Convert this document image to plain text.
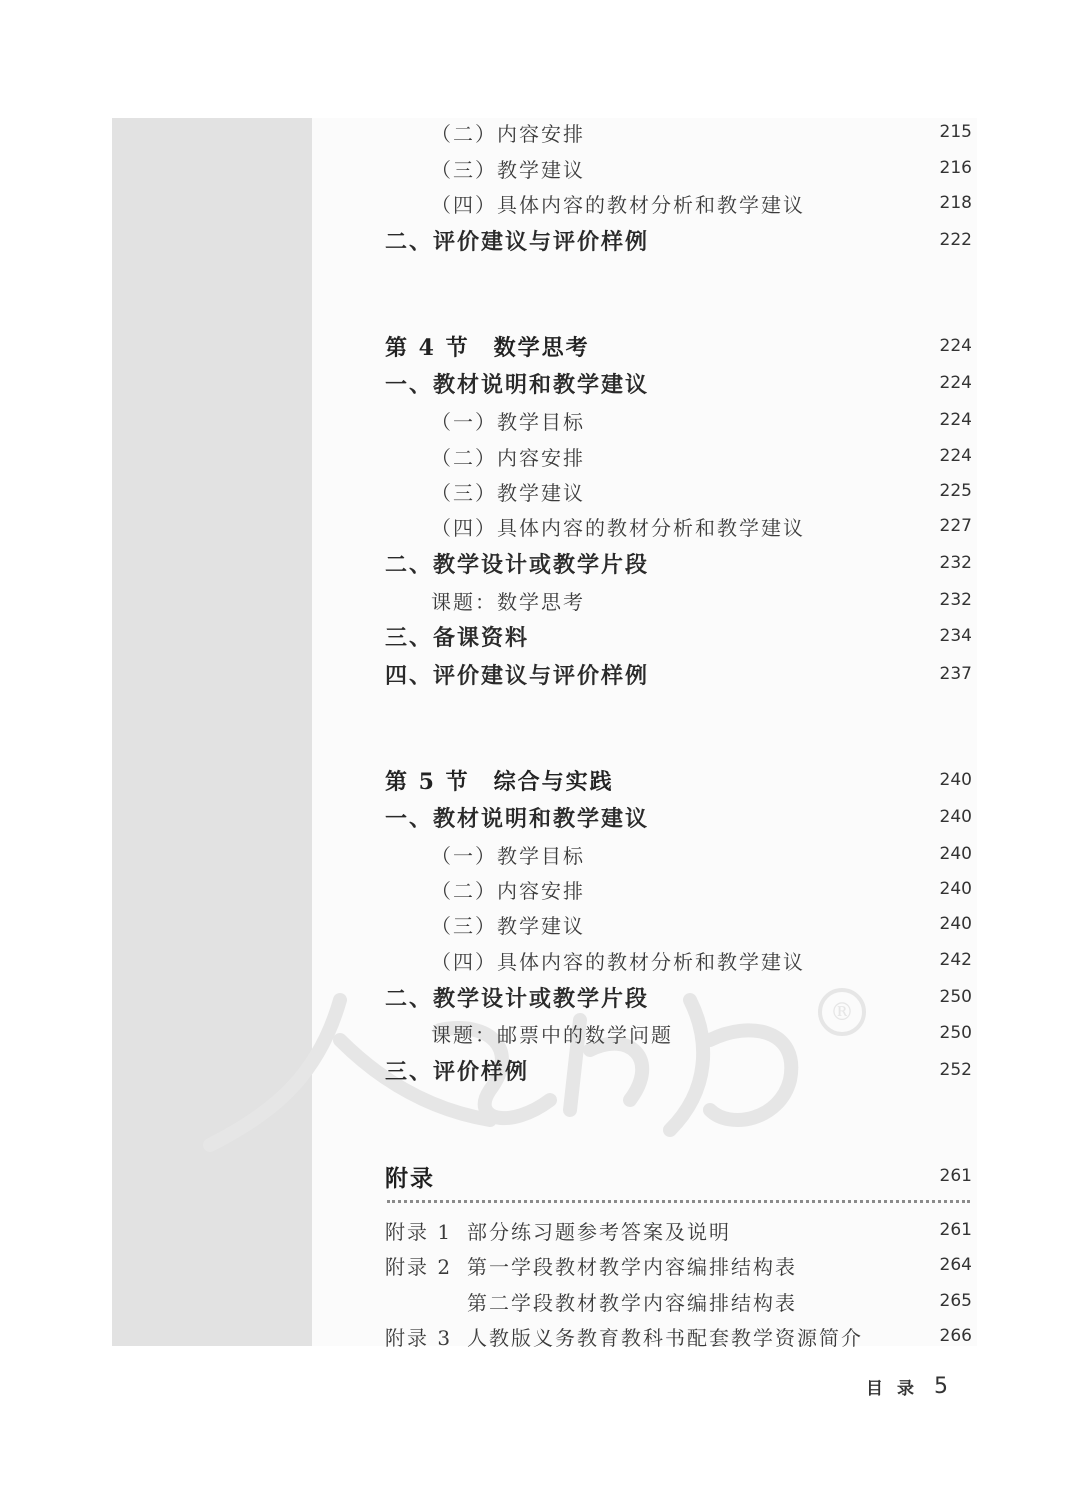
®
（二）内容安排	215
（三）教学建议	216
（四）具体内容的教材分析和教学建议	218
二、评价建议与评价样例	222
第 4 节　数学思考	224
一、教材说明和教学建议	224
（一）教学目标	224
（二）内容安排	224
（三）教学建议	225
（四）具体内容的教材分析和教学建议	227
二、教学设计或教学片段	232
课题：数学思考	232
三、备课资料	234
四、评价建议与评价样例	237
第 5 节　综合与实践	240
一、教材说明和教学建议	240
（一）教学目标	240
（二）内容安排	240
（三）教学建议	240
（四）具体内容的教材分析和教学建议	242
二、教学设计或教学片段	250
课题：邮票中的数学问题	250
三、评价样例	252
附录	261
附录 1 部分练习题参考答案及说明	261
附录 2 第一学段教材教学内容编排结构表	264
第二学段教材教学内容编排结构表	265
附录 3 人教版义务教育教科书配套教学资源简介	266
目录 5
